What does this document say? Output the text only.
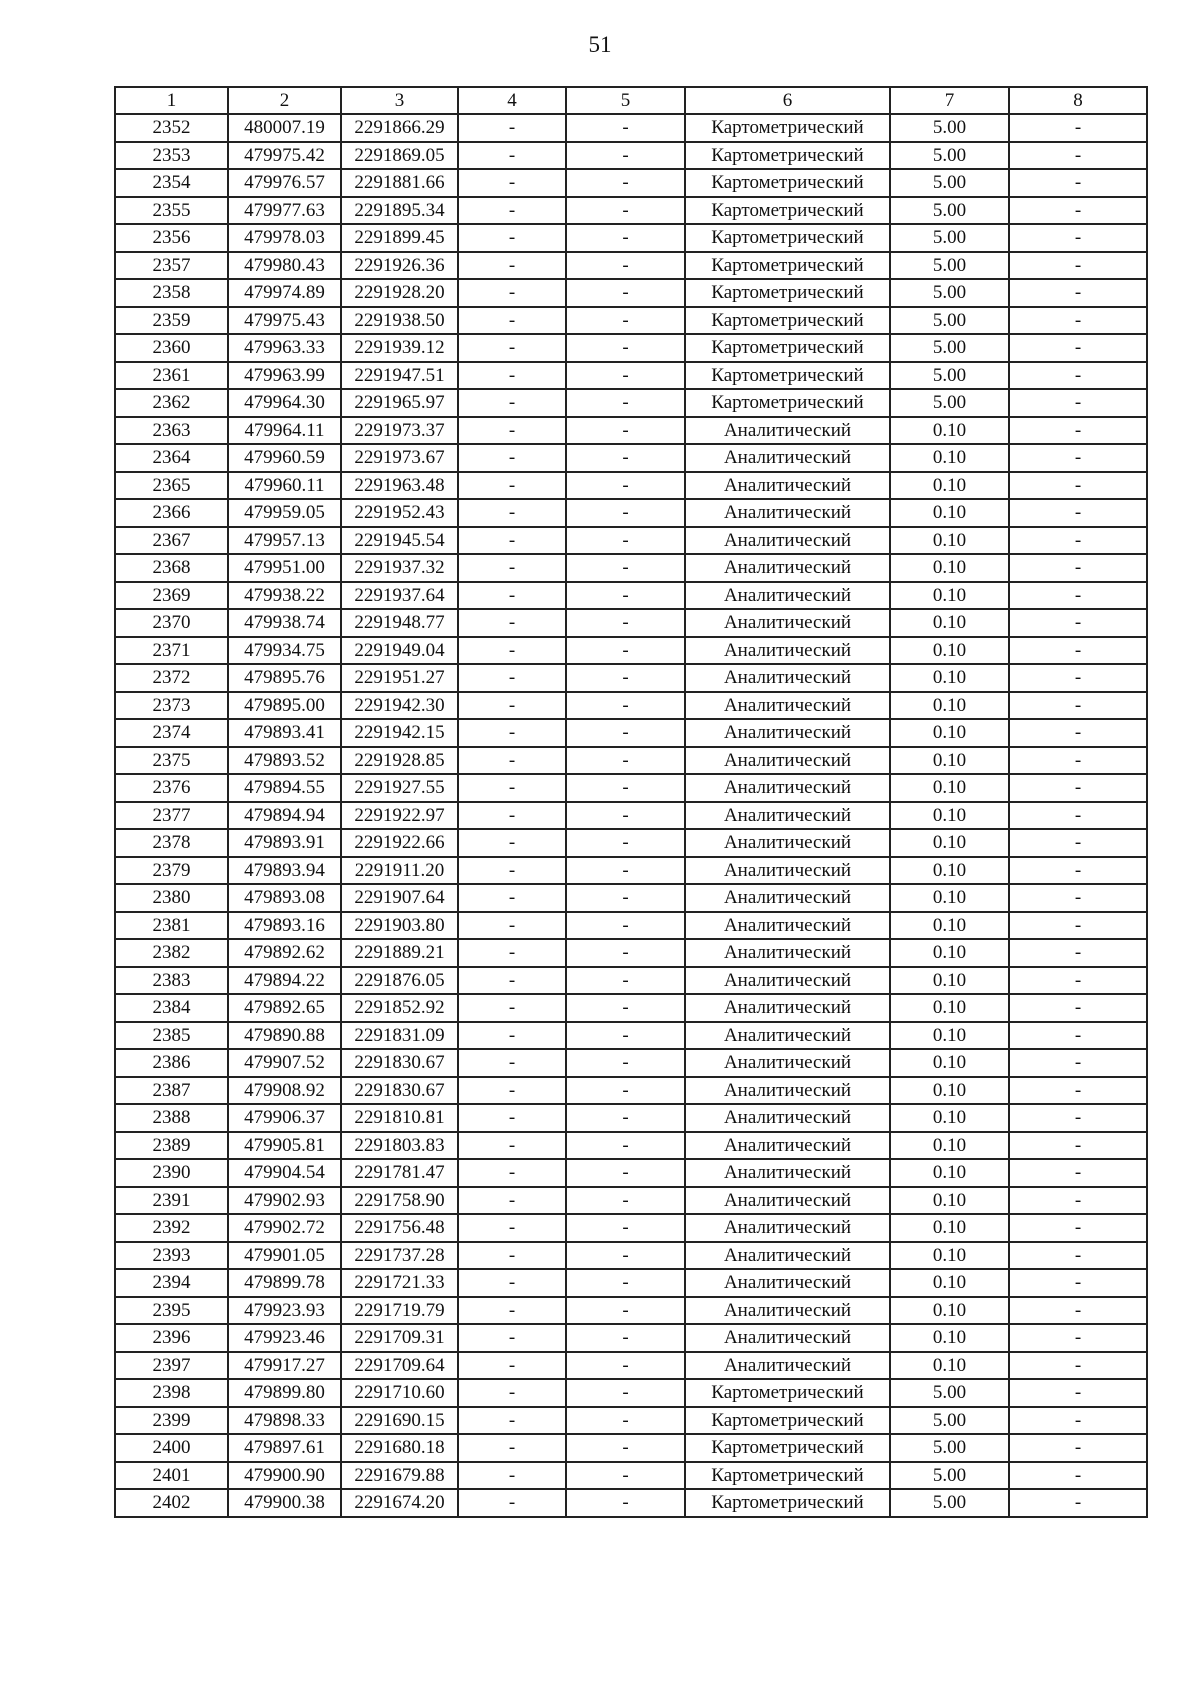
51
1	2	3	4	5	6	7	8
2352	480007.19	2291866.29	-	-	Картометрический	5.00	-
2353	479975.42	2291869.05	-	-	Картометрический	5.00	-
2354	479976.57	2291881.66	-	-	Картометрический	5.00	-
2355	479977.63	2291895.34	-	-	Картометрический	5.00	-
2356	479978.03	2291899.45	-	-	Картометрический	5.00	-
2357	479980.43	2291926.36	-	-	Картометрический	5.00	-
2358	479974.89	2291928.20	-	-	Картометрический	5.00	-
2359	479975.43	2291938.50	-	-	Картометрический	5.00	-
2360	479963.33	2291939.12	-	-	Картометрический	5.00	-
2361	479963.99	2291947.51	-	-	Картометрический	5.00	-
2362	479964.30	2291965.97	-	-	Картометрический	5.00	-
2363	479964.11	2291973.37	-	-	Аналитический	0.10	-
2364	479960.59	2291973.67	-	-	Аналитический	0.10	-
2365	479960.11	2291963.48	-	-	Аналитический	0.10	-
2366	479959.05	2291952.43	-	-	Аналитический	0.10	-
2367	479957.13	2291945.54	-	-	Аналитический	0.10	-
2368	479951.00	2291937.32	-	-	Аналитический	0.10	-
2369	479938.22	2291937.64	-	-	Аналитический	0.10	-
2370	479938.74	2291948.77	-	-	Аналитический	0.10	-
2371	479934.75	2291949.04	-	-	Аналитический	0.10	-
2372	479895.76	2291951.27	-	-	Аналитический	0.10	-
2373	479895.00	2291942.30	-	-	Аналитический	0.10	-
2374	479893.41	2291942.15	-	-	Аналитический	0.10	-
2375	479893.52	2291928.85	-	-	Аналитический	0.10	-
2376	479894.55	2291927.55	-	-	Аналитический	0.10	-
2377	479894.94	2291922.97	-	-	Аналитический	0.10	-
2378	479893.91	2291922.66	-	-	Аналитический	0.10	-
2379	479893.94	2291911.20	-	-	Аналитический	0.10	-
2380	479893.08	2291907.64	-	-	Аналитический	0.10	-
2381	479893.16	2291903.80	-	-	Аналитический	0.10	-
2382	479892.62	2291889.21	-	-	Аналитический	0.10	-
2383	479894.22	2291876.05	-	-	Аналитический	0.10	-
2384	479892.65	2291852.92	-	-	Аналитический	0.10	-
2385	479890.88	2291831.09	-	-	Аналитический	0.10	-
2386	479907.52	2291830.67	-	-	Аналитический	0.10	-
2387	479908.92	2291830.67	-	-	Аналитический	0.10	-
2388	479906.37	2291810.81	-	-	Аналитический	0.10	-
2389	479905.81	2291803.83	-	-	Аналитический	0.10	-
2390	479904.54	2291781.47	-	-	Аналитический	0.10	-
2391	479902.93	2291758.90	-	-	Аналитический	0.10	-
2392	479902.72	2291756.48	-	-	Аналитический	0.10	-
2393	479901.05	2291737.28	-	-	Аналитический	0.10	-
2394	479899.78	2291721.33	-	-	Аналитический	0.10	-
2395	479923.93	2291719.79	-	-	Аналитический	0.10	-
2396	479923.46	2291709.31	-	-	Аналитический	0.10	-
2397	479917.27	2291709.64	-	-	Аналитический	0.10	-
2398	479899.80	2291710.60	-	-	Картометрический	5.00	-
2399	479898.33	2291690.15	-	-	Картометрический	5.00	-
2400	479897.61	2291680.18	-	-	Картометрический	5.00	-
2401	479900.90	2291679.88	-	-	Картометрический	5.00	-
2402	479900.38	2291674.20	-	-	Картометрический	5.00	-
